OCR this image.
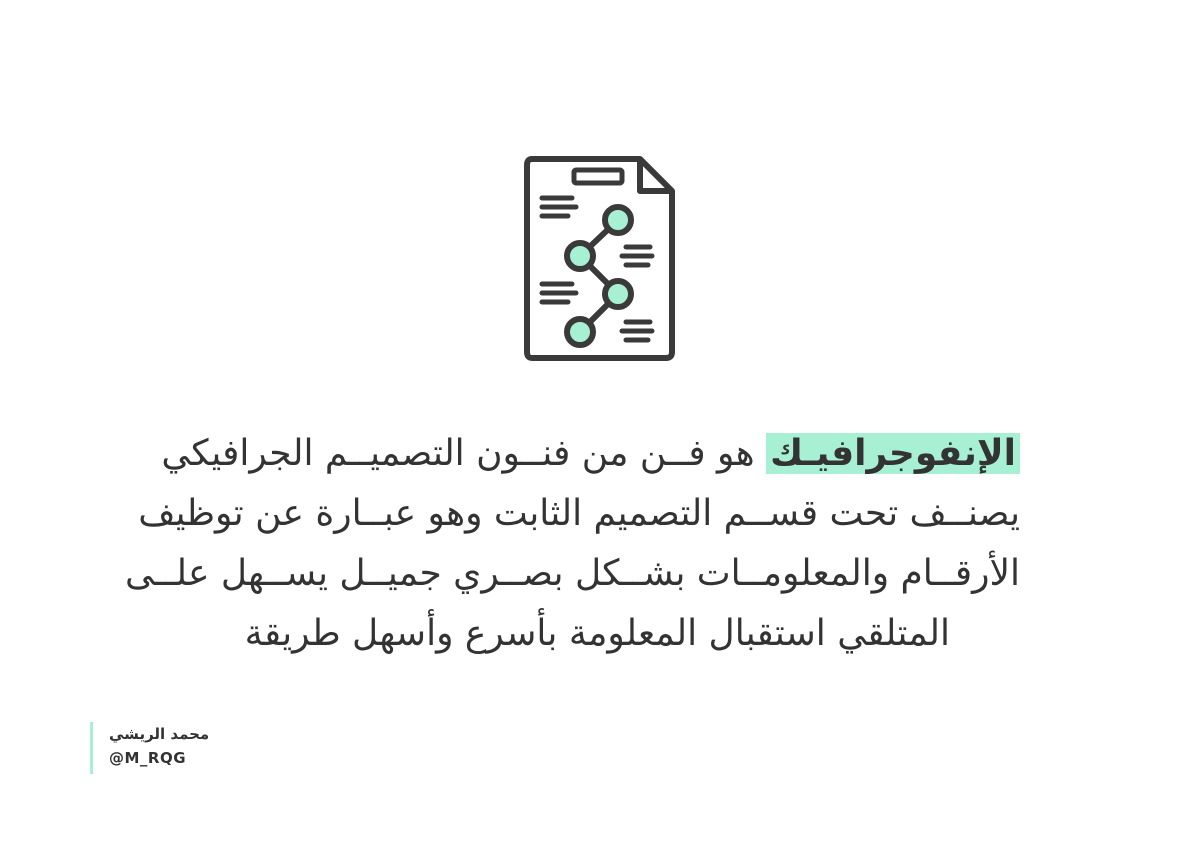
الإنفوجرافيـك هو فــن من فنــون التصميــم الجرافيكي
يصنــف تحت قســم التصميم الثابت وهو عبــارة عن توظيف
الأرقــام والمعلومــات بشــكل بصــري جميــل يســهل علــى
المتلقي استقبال المعلومة بأسرع وأسهل طريقة
محمد الريشي
@M_RQG
